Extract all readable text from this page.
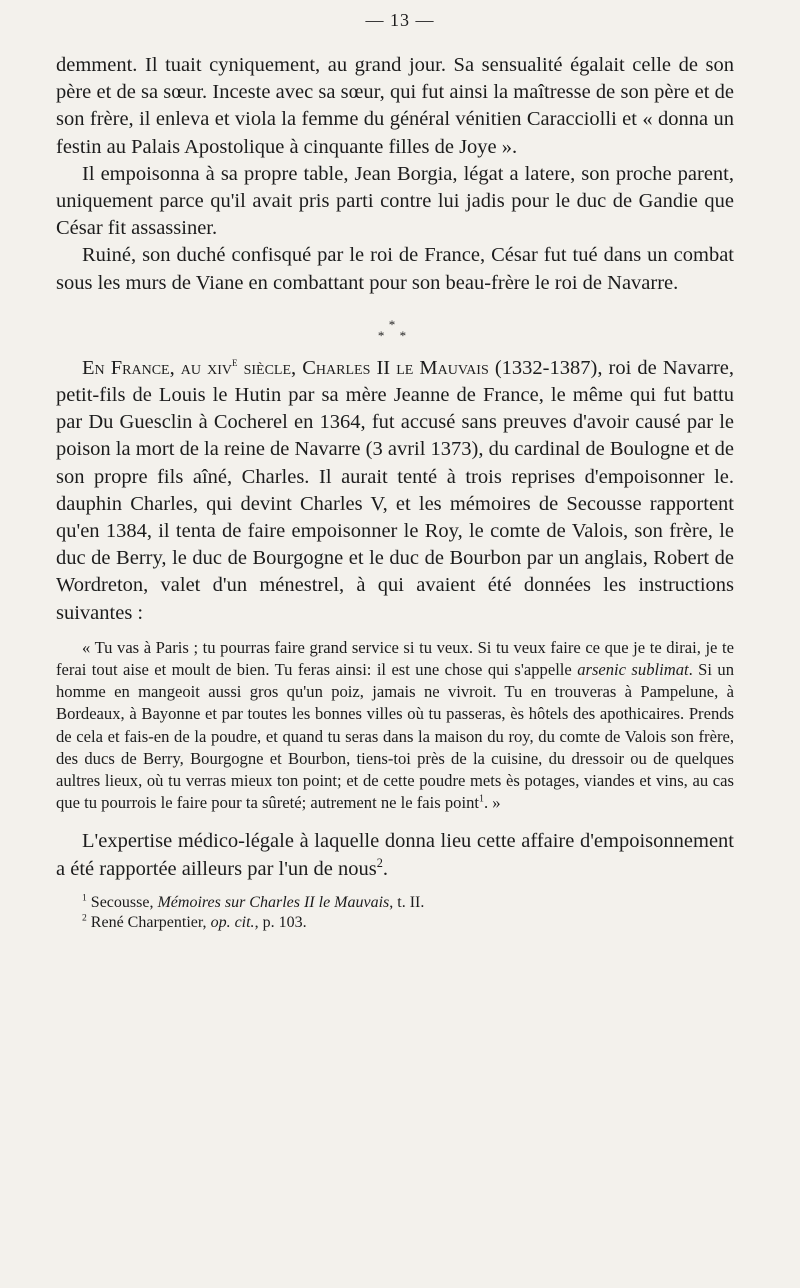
— 13 —

demment. Il tuait cyniquement, au grand jour. Sa sensualité égalait celle de son père et de sa sœur. Inceste avec sa sœur, qui fut ainsi la maîtresse de son père et de son frère, il enleva et viola la femme du général vénitien Caracciolli et « donna un festin au Palais Apostolique à cinquante filles de Joye ».

Il empoisonna à sa propre table, Jean Borgia, légat a latere, son proche parent, uniquement parce qu'il avait pris parti contre lui jadis pour le duc de Gandie que César fit assassiner.

Ruiné, son duché confisqué par le roi de France, César fut tué dans un combat sous les murs de Viane en combattant pour son beau-frère le roi de Navarre.

*
* *

En France, au xiv$^e$ siècle, Charles II le Mauvais (1332-1387), roi de Navarre, petit-fils de Louis le Hutin par sa mère Jeanne de France, le même qui fut battu par Du Guesclin à Cocherel en 1364, fut accusé sans preuves d'avoir causé par le poison la mort de la reine de Navarre (3 avril 1373), du cardinal de Boulogne et de son propre fils aîné, Charles. Il aurait tenté à trois reprises d'empoisonner le. dauphin Charles, qui devint Charles V, et les mémoires de Secousse rapportent qu'en 1384, il tenta de faire empoisonner le Roy, le comte de Valois, son frère, le duc de Berry, le duc de Bourgogne et le duc de Bourbon par un anglais, Robert de Wordreton, valet d'un ménestrel, à qui avaient été données les instructions suivantes :

« Tu vas à Paris ; tu pourras faire grand service si tu veux. Si tu veux faire ce que je te dirai, je te ferai tout aise et moult de bien. Tu feras ainsi: il est une chose qui s'appelle arsenic sublimat. Si un homme en mangeoit aussi gros qu'un poiz, jamais ne vivroit. Tu en trouveras à Pampelune, à Bordeaux, à Bayonne et par toutes les bonnes villes où tu passeras, ès hôtels des apothicaires. Prends de cela et fais-en de la poudre, et quand tu seras dans la maison du roy, du comte de Valois son frère, des ducs de Berry, Bourgogne et Bourbon, tiens-toi près de la cuisine, du dressoir ou de quelques aultres lieux, où tu verras mieux ton point; et de cette poudre mets ès potages, viandes et vins, au cas que tu pourrois le faire pour ta sûreté; autrement ne le fais point$^1$. »

L'expertise médico-légale à laquelle donna lieu cette affaire d'empoisonnement a été rapportée ailleurs par l'un de nous$^2$.

$^1$ Secousse, Mémoires sur Charles II le Mauvais, t. II.

$^2$ René Charpentier, op. cit., p. 103.
